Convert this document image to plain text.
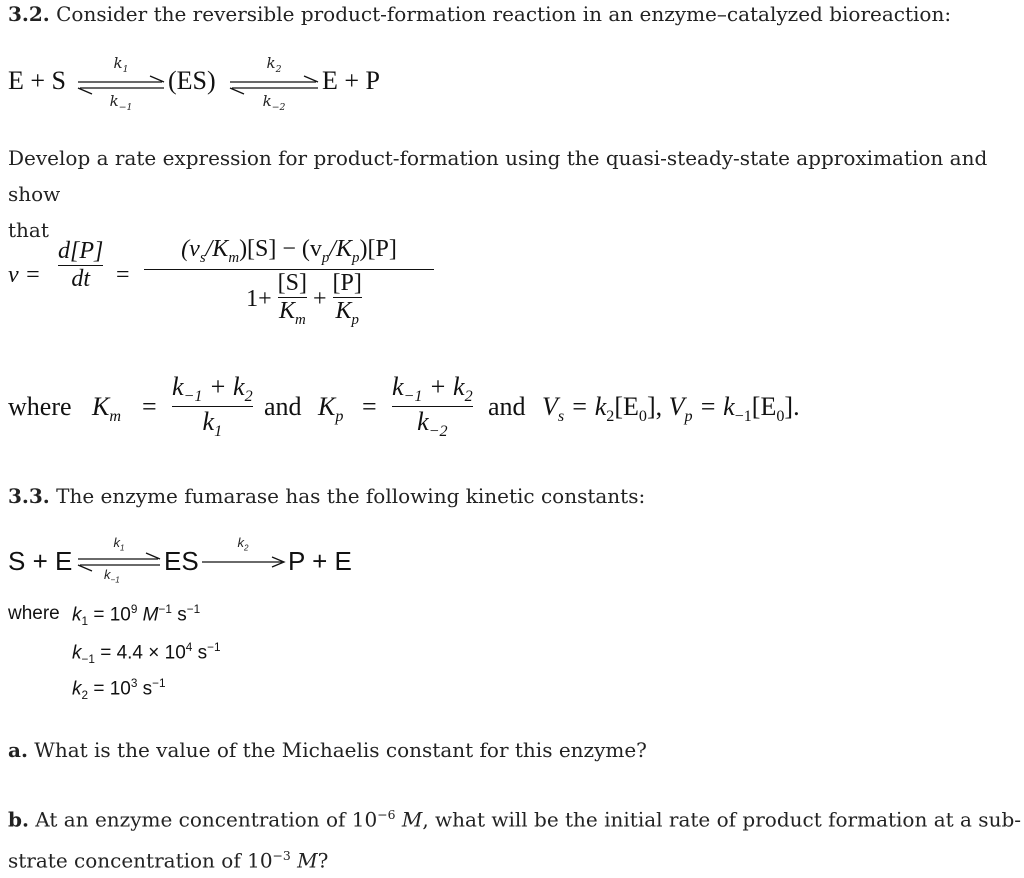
3.2. Consider the reversible product-formation reaction in an enzyme–catalyzed bioreaction:
E + S
$k_1$
$k_{-1}$
(ES)
$k_2$
$k_{-2}$
E + P
Develop a rate expression for product-formation using the quasi-steady-state approximation and show
that
v =
d[P]
dt =
$(v_s/K_m)[S] - (v_p/K_p)[P]$
$1+ \frac{[S]}{K_m} + \frac{[P]}{K_p}$
where $K_m$ =
$k_{-1} + k_2$
$k_1$
and $K_p$ =
$k_{-1} + k_2$
$k_{-2}$
and $V_s = k_2[E_0]$, $V_p = k_{-1}[E_0]$.
3.3. The enzyme fumarase has the following kinetic constants:
S + E
$k_1$
$k_{-1}$
ES
$k_2$	P + E
where $k_1 = 10^9$ $M^{-1}$ $s^{-1}$
$k_{-1} = 4.4 \times 10^4$ $s^{-1}$
$k_2 = 10^3$ $s^{-1}$
a. What is the value of the Michaelis constant for this enzyme?
b. At an enzyme concentration of $10^{-6}$ M, what will be the initial rate of product formation at a sub-
strate concentration of $10^{-3}$ M?
